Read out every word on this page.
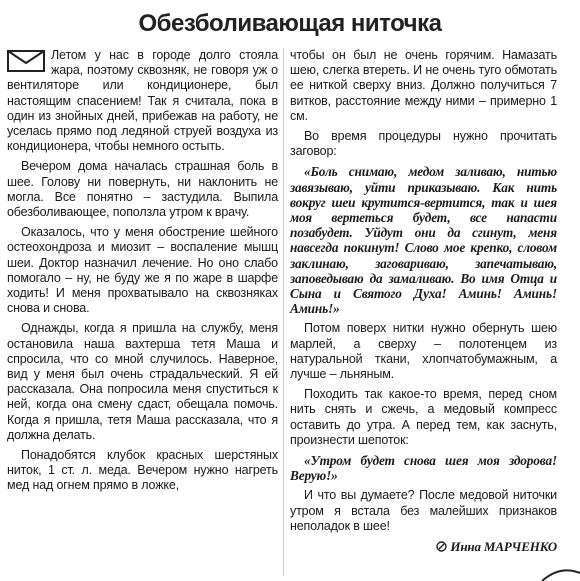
Обезболивающая ниточка

Летом у нас в городе долго стояла жара, поэтому сквозняк, не говоря уж о вентиляторе или кондиционере, был настоящим спасением! Так я считала, пока в один из знойных дней, прибежав на работу, не уселась прямо под ледяной струей воздуха из кондиционера, чтобы немного остыть.

Вечером дома началась страшная боль в шее. Голову ни повернуть, ни наклонить не могла. Все понятно – застудила. Выпила обезболивающее, поползла утром к врачу.

Оказалось, что у меня обострение шейного остеохондроза и миозит – воспаление мышц шеи. Доктор назначил лечение. Но оно слабо помогало – ну, не буду же я по жаре в шарфе ходить! И меня прохватывало на сквозняках снова и снова.

Однажды, когда я пришла на службу, меня остановила наша вахтерша тетя Маша и спросила, что со мной случилось. Наверное, вид у меня был очень страдальческий. Я ей рассказала. Она попросила меня спуститься к ней, когда она смену сдаст, обещала помочь. Когда я пришла, тетя Маша рассказала, что я должна делать.

Понадобятся клубок красных шерстяных ниток, 1 ст. л. меда. Вечером нужно нагреть мед над огнем прямо в ложке,

чтобы он был не очень горячим. Намазать шею, слегка втереть. И не очень туго обмотать ее ниткой сверху вниз. Должно получиться 7 витков, расстояние между ними – примерно 1 см.

Во время процедуры нужно прочитать заговор:

«Боль снимаю, медом заливаю, нитью завязываю, уйти приказываю. Как нить вокруг шеи крутится-вертится, так и шея моя вертеться будет, все напасти позабудет. Уйдут они да сгинут, меня навсегда покинут! Слово мое крепко, словом заклинаю, заговариваю, запечатываю, заповедываю да замаливаю. Во имя Отца и Сына и Святого Духа! Аминь! Аминь! Аминь!»

Потом поверх нитки нужно обернуть шею марлей, а сверху – полотенцем из натуральной ткани, хлопчатобумажным, а лучше – льняным.

Походить так какое-то время, перед сном нить снять и сжечь, а медовый компресс оставить до утра. А перед тем, как заснуть, произнести шепоток:

«Утром будет снова шея моя здорова! Верую!»

И что вы думаете? После медовой ниточки утром я встала без малейших признаков неполадок в шее!

Инна МАРЧЕНКО
